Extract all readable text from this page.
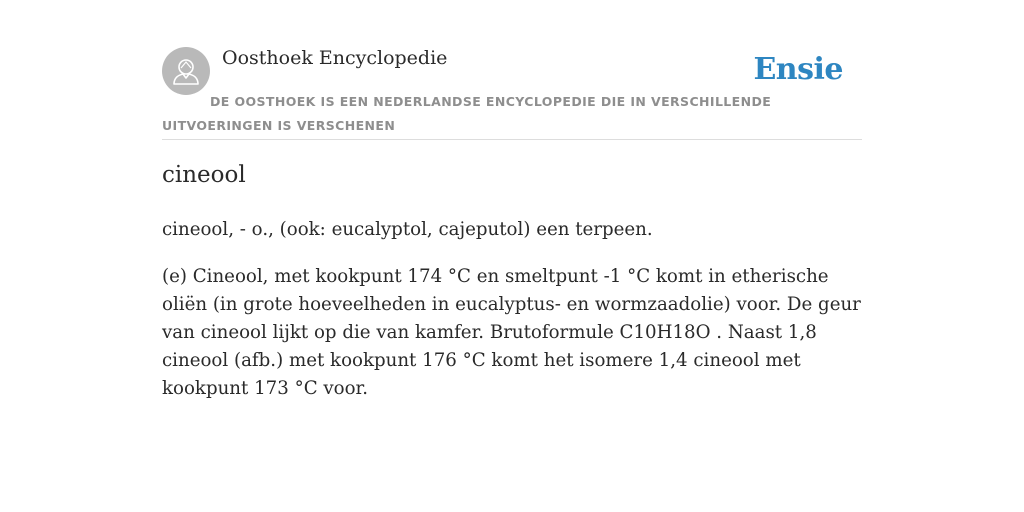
Oosthoek Encyclopedie	Ensie
DE OOSTHOEK IS EEN NEDERLANDSE ENCYCLOPEDIE DIE IN VERSCHILLENDE UITVOERINGEN IS VERSCHENEN
cineool

cineool, - o., (ook: eucalyptol, cajeputol) een terpeen.

(e) Cineool, met kookpunt 174 °C en smeltpunt -1 °C komt in etherische oliën (in grote hoeveelheden in eucalyptus- en wormzaadolie) voor. De geur van cineool lijkt op die van kamfer. Brutoformule C10H18O . Naast 1,8 cineool (afb.) met kookpunt 176 °C komt het isomere 1,4 cineool met kookpunt 173 °C voor.
